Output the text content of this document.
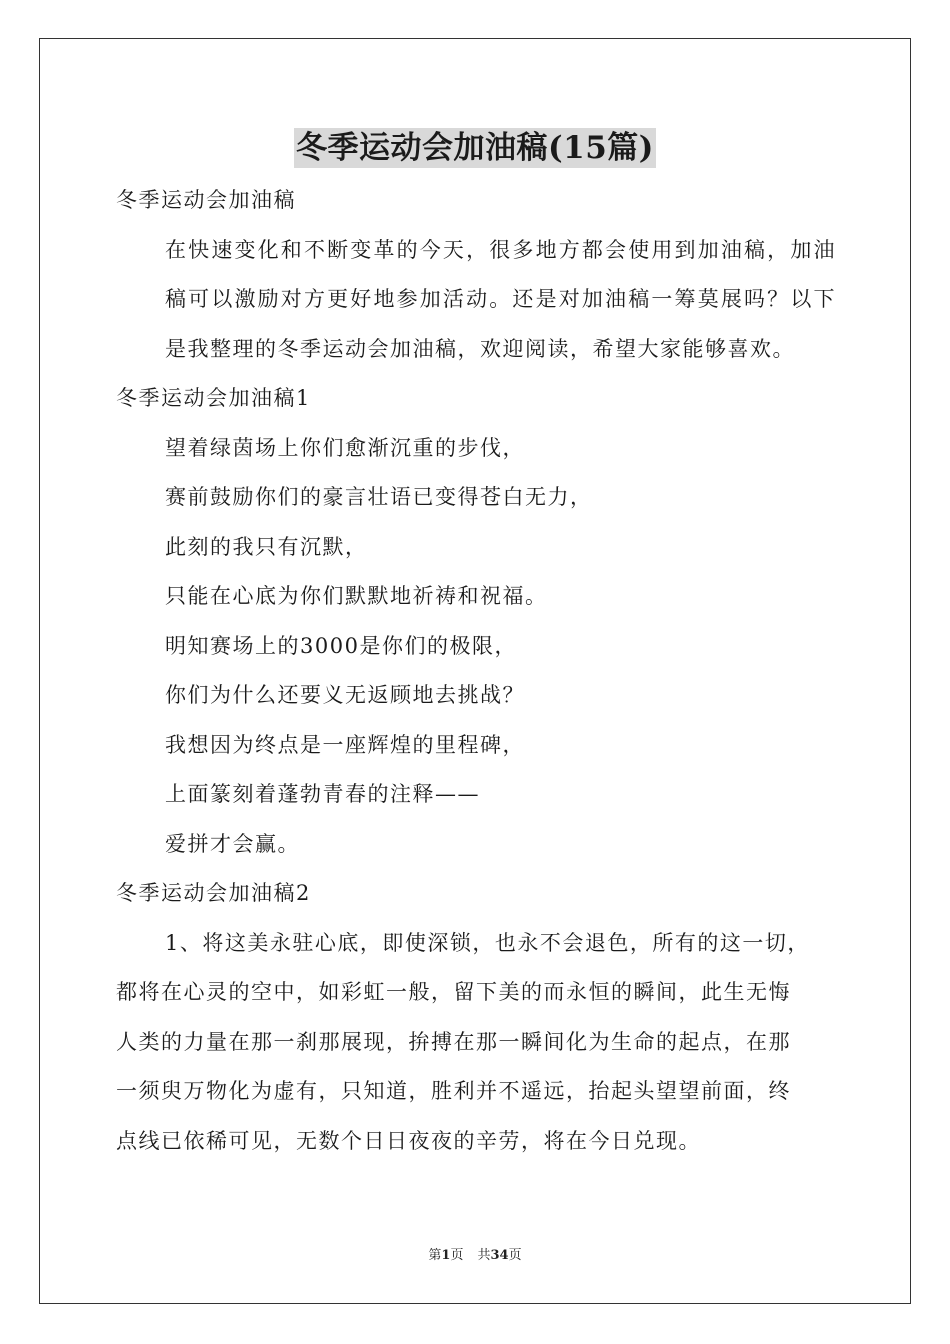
冬季运动会加油稿(15篇)

冬季运动会加油稿

在快速变化和不断变革的今天，很多地方都会使用到加油稿，加油稿可以激励对方更好地参加活动。还是对加油稿一筹莫展吗？以下是我整理的冬季运动会加油稿，欢迎阅读，希望大家能够喜欢。

冬季运动会加油稿1

望着绿茵场上你们愈渐沉重的步伐，

赛前鼓励你们的豪言壮语已变得苍白无力，

此刻的我只有沉默，

只能在心底为你们默默地祈祷和祝福。

明知赛场上的3000是你们的极限，

你们为什么还要义无返顾地去挑战？

我想因为终点是一座辉煌的里程碑，

上面篆刻着蓬勃青春的注释——

爱拼才会赢。

冬季运动会加油稿2

1、将这美永驻心底，即使深锁，也永不会退色，所有的这一切，

都将在心灵的空中，如彩虹一般，留下美的而永恒的瞬间，此生无悔

人类的力量在那一刹那展现，拚搏在那一瞬间化为生命的起点，在那

一须臾万物化为虚有，只知道，胜利并不遥远，抬起头望望前面，终

点线已依稀可见，无数个日日夜夜的辛劳，将在今日兑现。

第1页 共34页
